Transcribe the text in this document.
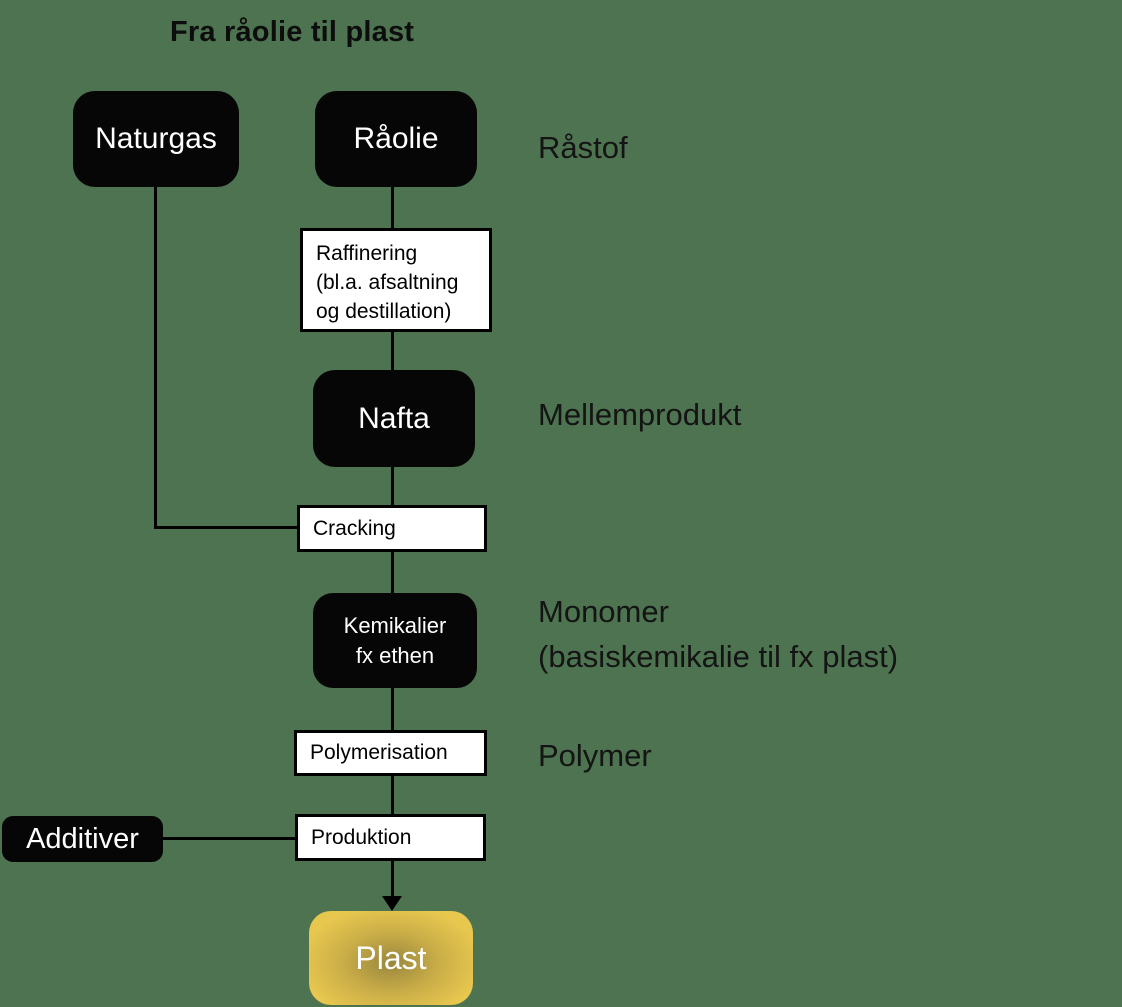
Fra råolie til plast
Naturgas	Råolie	Råstof
Raffinering
(bl.a. afsaltning
og destillation)
Nafta	Mellemprodukt
Cracking
Kemikalier
fx ethen
Monomer
(basiskemikalie til fx plast)
Polymerisation	Polymer
Additiver	Produktion
Plast
